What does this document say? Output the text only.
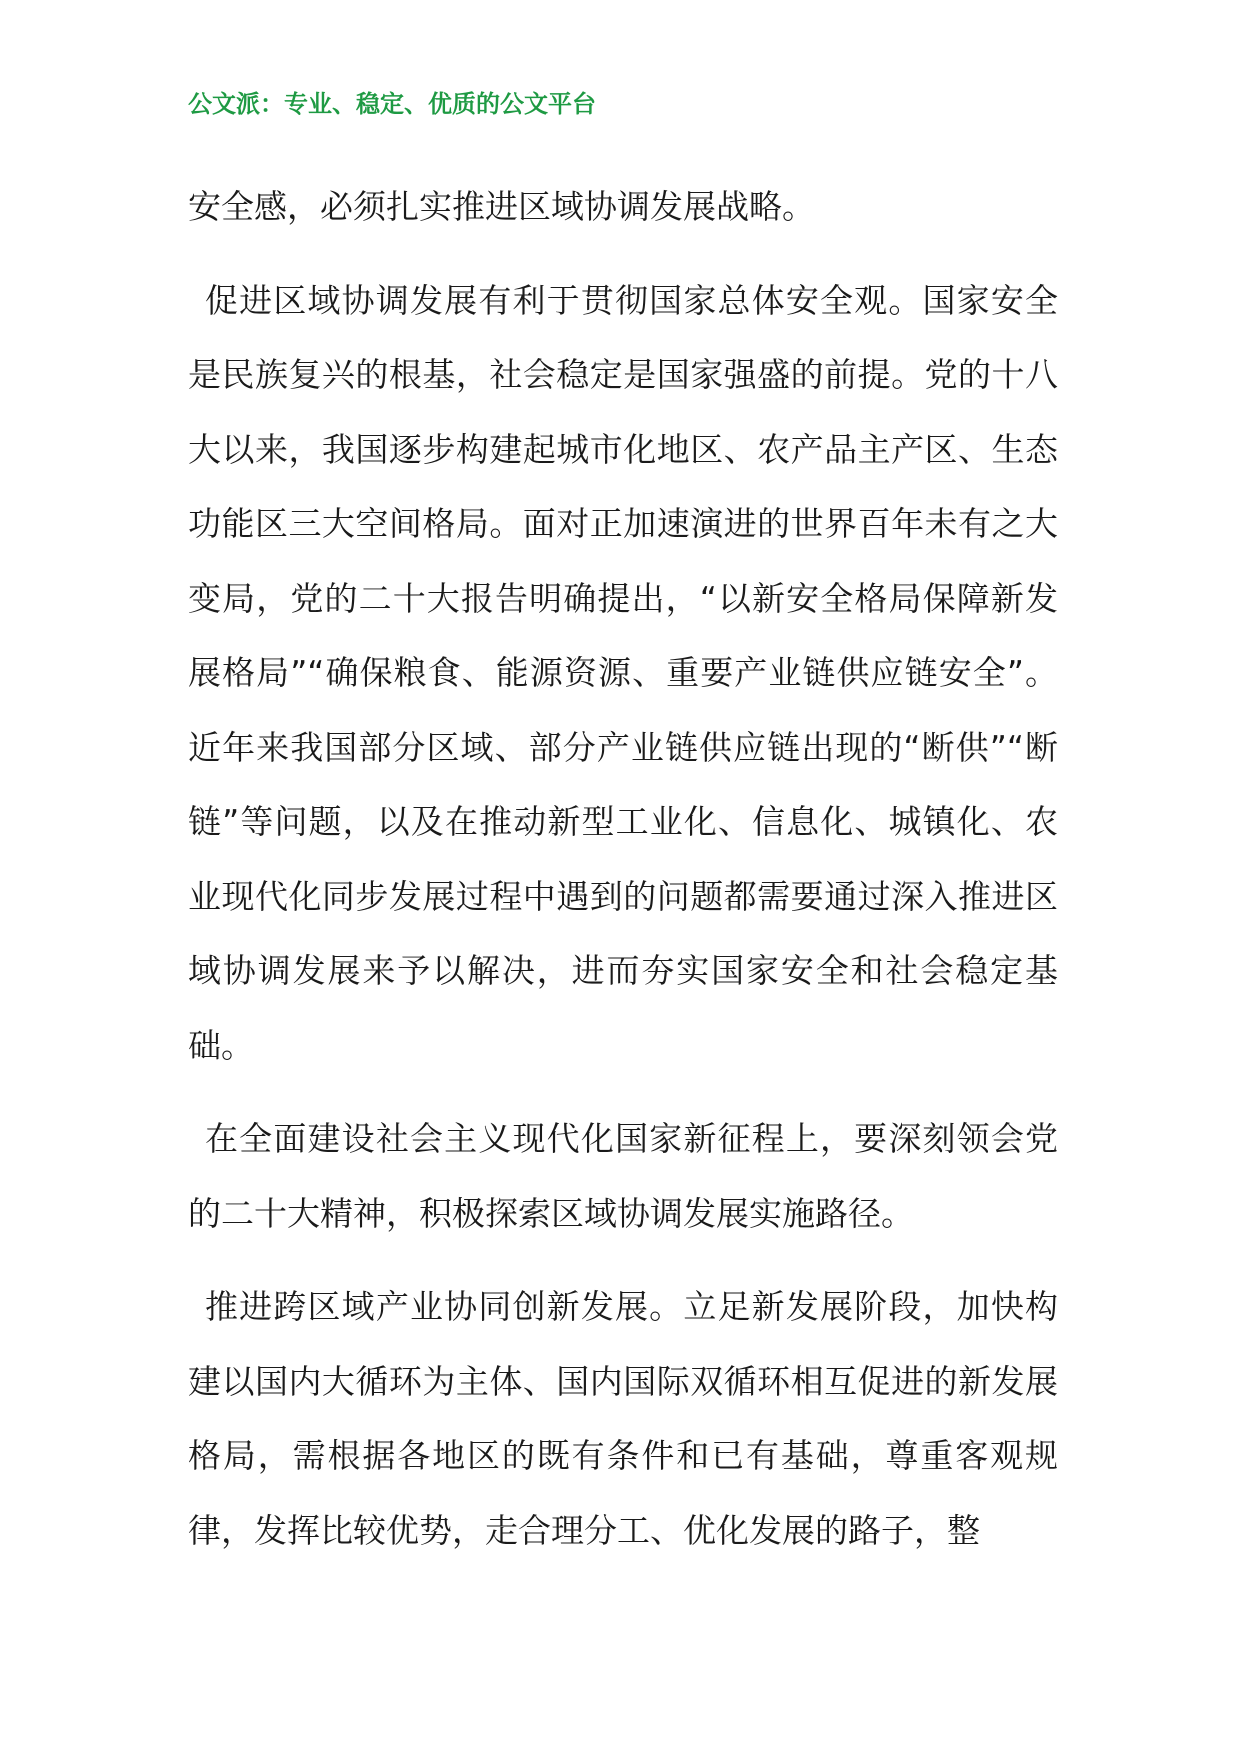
公文派：专业、稳定、优质的公文平台

安全感，必须扎实推进区域协调发展战略。

促进区域协调发展有利于贯彻国家总体安全观。国家安全是民族复兴的根基，社会稳定是国家强盛的前提。党的十八大以来，我国逐步构建起城市化地区、农产品主产区、生态功能区三大空间格局。面对正加速演进的世界百年未有之大变局，党的二十大报告明确提出，“以新安全格局保障新发展格局”“确保粮食、能源资源、重要产业链供应链安全”。近年来我国部分区域、部分产业链供应链出现的“断供”“断链”等问题，以及在推动新型工业化、信息化、城镇化、农业现代化同步发展过程中遇到的问题都需要通过深入推进区域协调发展来予以解决，进而夯实国家安全和社会稳定基础。

在全面建设社会主义现代化国家新征程上，要深刻领会党的二十大精神，积极探索区域协调发展实施路径。

推进跨区域产业协同创新发展。立足新发展阶段，加快构建以国内大循环为主体、国内国际双循环相互促进的新发展格局，需根据各地区的既有条件和已有基础，尊重客观规律，发挥比较优势，走合理分工、优化发展的路子，整
